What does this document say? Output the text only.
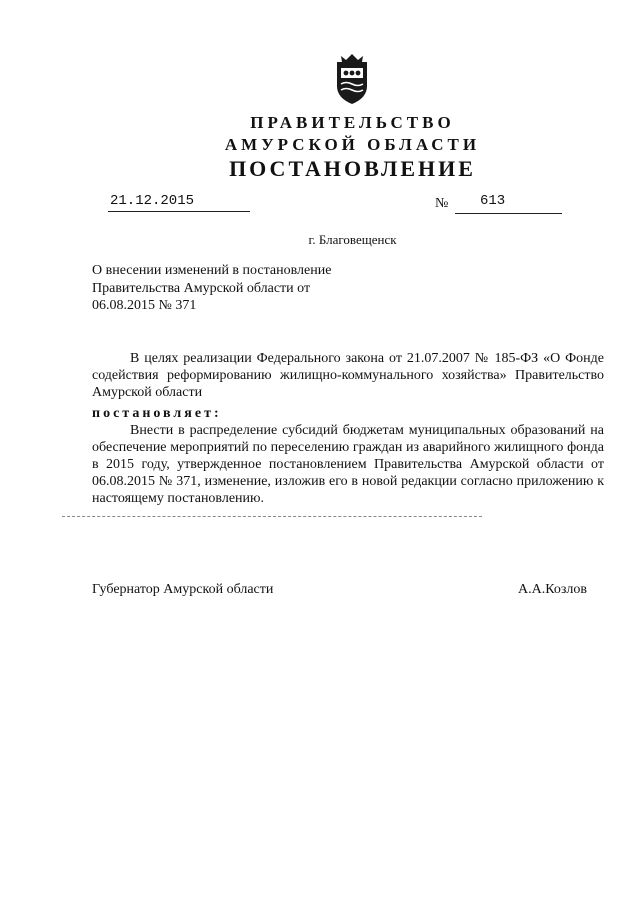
ПРАВИТЕЛЬСТВО
АМУРСКОЙ ОБЛАСТИ
ПОСТАНОВЛЕНИЕ
21.12.2015	№ 613
г. Благовещенск
О внесении изменений в постановление Правительства Амурской области от 06.08.2015 № 371
В целях реализации Федерального закона от 21.07.2007 № 185-ФЗ «О Фонде содействия реформированию жилищно-коммунального хозяйства» Правительство Амурской области
постановляет:
Внести в распределение субсидий бюджетам муниципальных образований на обеспечение мероприятий по переселению граждан из аварийного жилищного фонда в 2015 году, утвержденное постановлением Правительства Амурской области от 06.08.2015 № 371, изменение, изложив его в новой редакции согласно приложению к настоящему постановлению.
Губернатор Амурской области	А.А.Козлов
